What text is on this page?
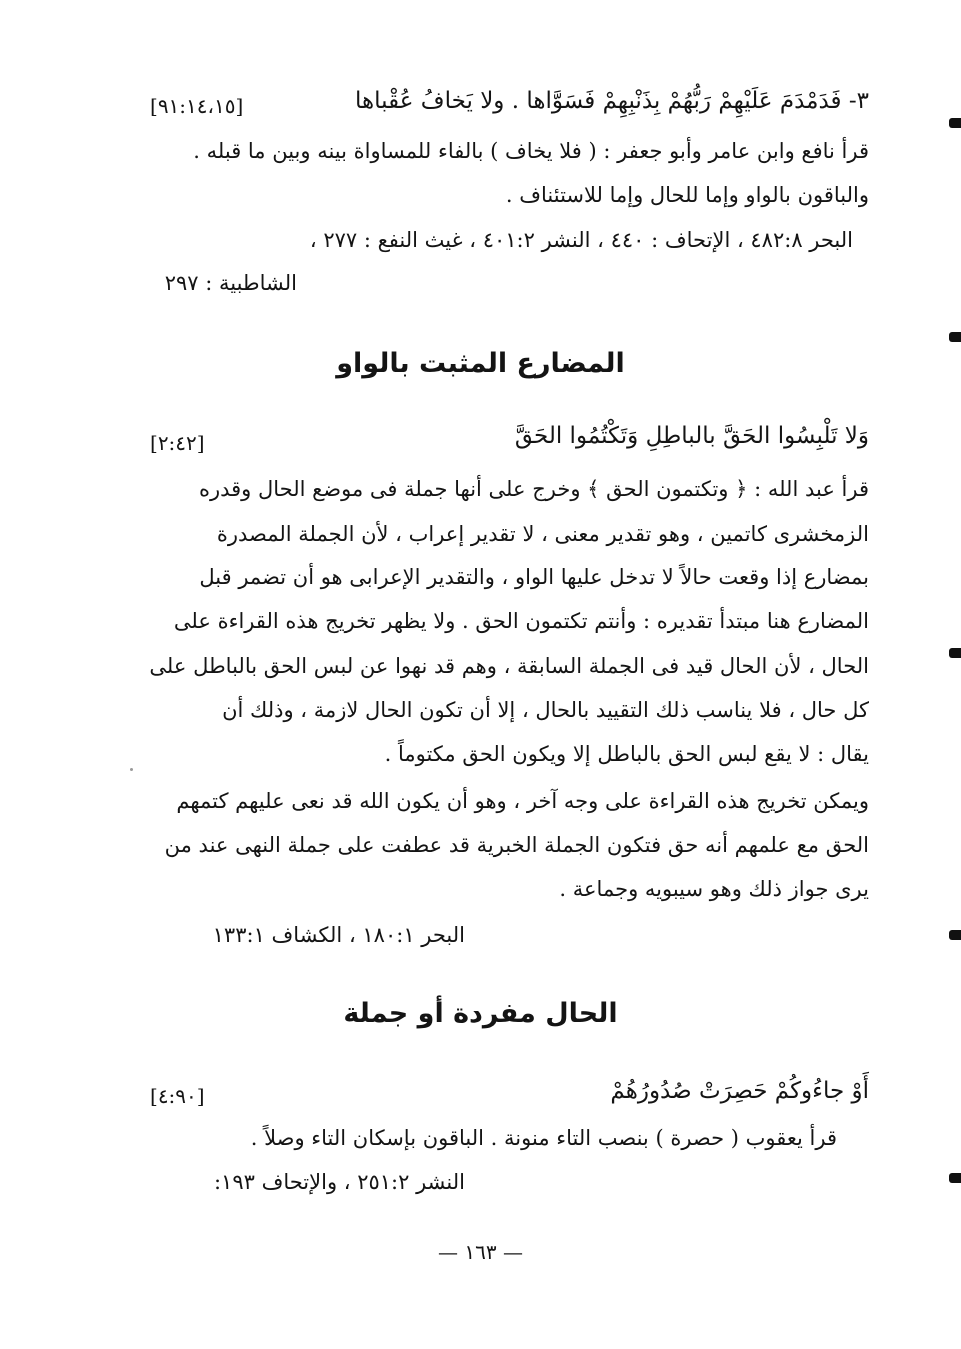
٣- فَدَمْدَمَ عَلَيْهِمْ رَبُّهُمْ بِذَنْبِهِمْ فَسَوَّاها . ولا يَخافُ عُقْباها
[٩١:١٤،١٥]
قرأ نافع وابن عامر وأبو جعفر : ( فلا يخاف ) بالفاء للمساواة بينه وبين ما قبله .
والباقون بالواو وإما للحال وإما للاستئناف .
البحر ٤٨٢:٨ ، الإتحاف : ٤٤٠ ، النشر ٤٠١:٢ ، غيث النفع : ٢٧٧ ،
الشاطبية : ٢٩٧
المضارع المثبت بالواو
وَلا تَلْبِسُوا الحَقَّ بالباطِلِ وَتَكْتُمُوا الحَقَّ
[٢:٤٢]
قرأ عبد الله : ﴿ وتكتمون الحق ﴾ وخرج على أنها جملة فى موضع الحال وقدره
الزمخشرى كاتمين ، وهو تقدير معنى ، لا تقدير إعراب ، لأن الجملة المصدرة
بمضارع إذا وقعت حالاً لا تدخل عليها الواو ، والتقدير الإعرابى هو أن تضمر قبل
المضارع هنا مبتدأ تقديره : وأنتم تكتمون الحق . ولا يظهر تخريج هذه القراءة على
الحال ، لأن الحال قيد فى الجملة السابقة ، وهم قد نهوا عن لبس الحق بالباطل على
كل حال ، فلا يناسب ذلك التقييد بالحال ، إلا أن تكون الحال لازمة ، وذلك أن
يقال : لا يقع لبس الحق بالباطل إلا ويكون الحق مكتوماً .
ويمكن تخريج هذه القراءة على وجه آخر ، وهو أن يكون الله قد نعى عليهم كتمهم
الحق مع علمهم أنه حق فتكون الجملة الخبرية قد عطفت على جملة النهى عند من
يرى جواز ذلك وهو سيبويه وجماعة .
البحر ١٨٠:١ ، الكشاف ١٣٣:١
الحال مفردة أو جملة
أَوْ جاءُوكُمْ حَصِرَتْ صُدُورُهُمْ
[٤:٩٠]
قرأ يعقوب ( حصرة ) بنصب التاء منونة . الباقون بإسكان التاء وصلاً .
النشر ٢٥١:٢ ، والإتحاف ١٩٣:
— ١٦٣ —
